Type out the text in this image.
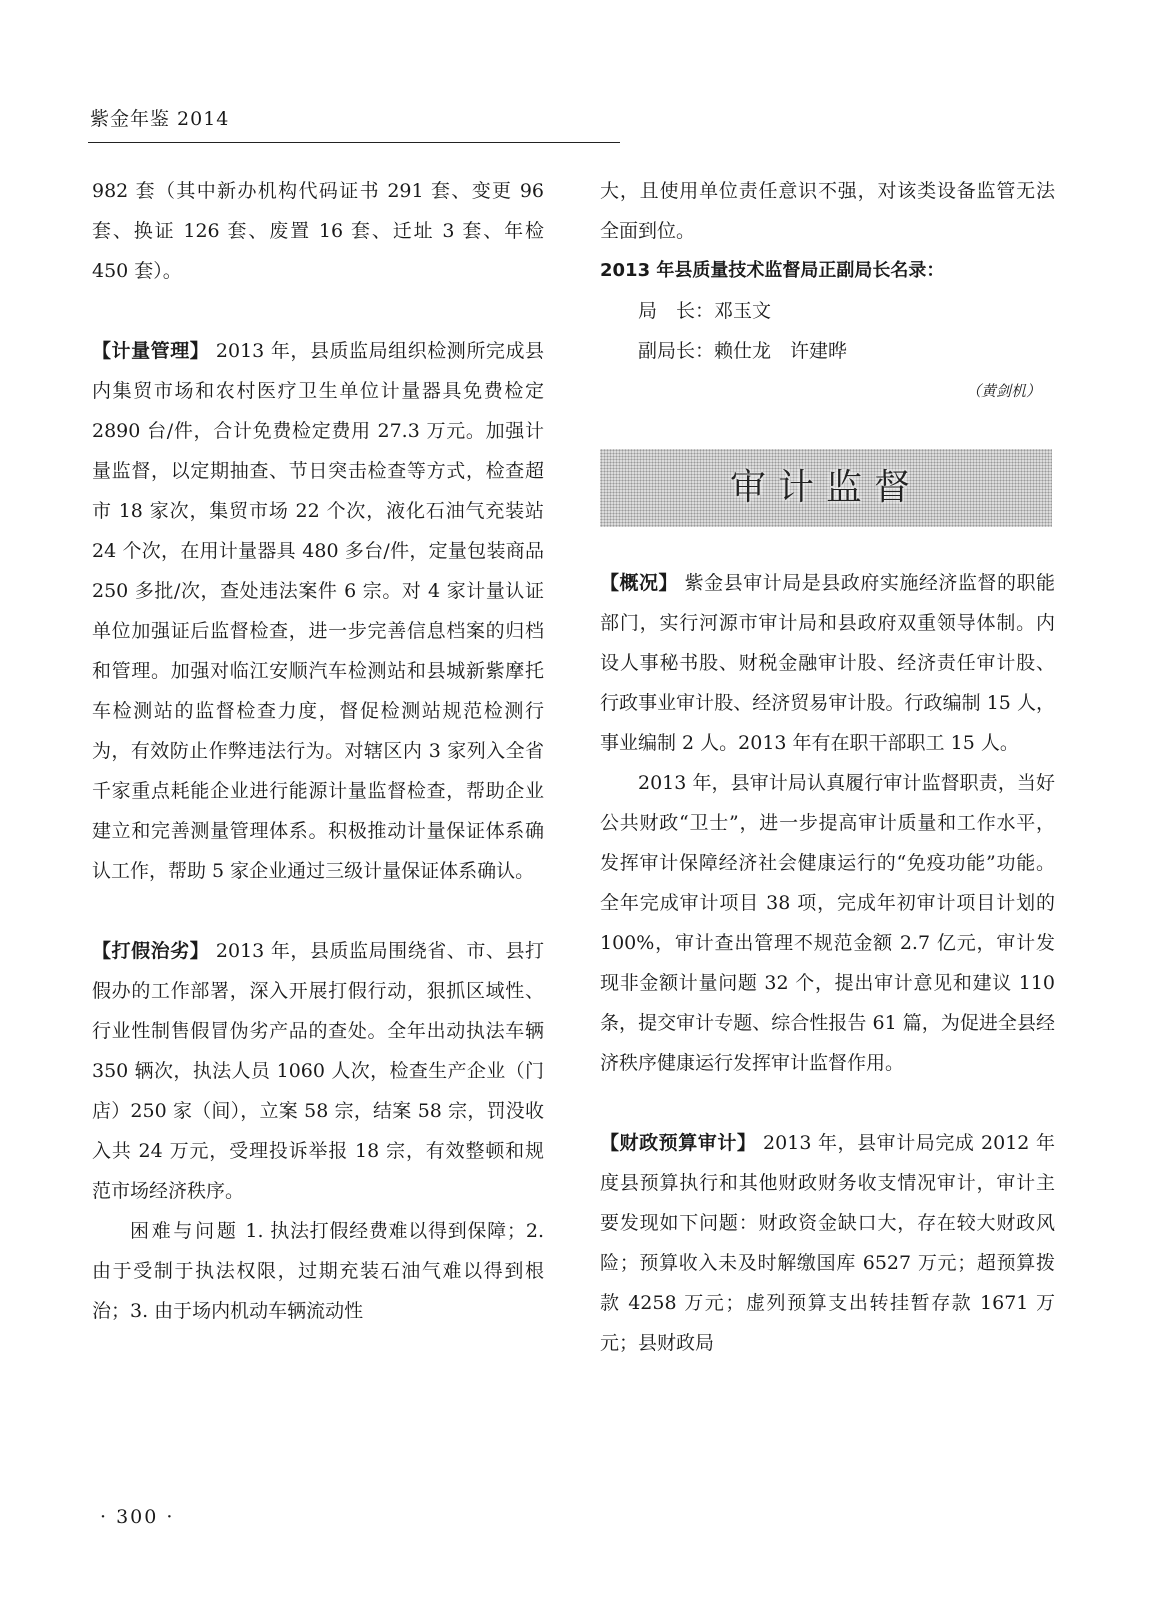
紫金年鉴 2014

982 套（其中新办机构代码证书 291 套、变更 96 套、换证 126 套、废置 16 套、迁址 3 套、年检 450 套）。

【计量管理】 2013 年，县质监局组织检测所完成县内集贸市场和农村医疗卫生单位计量器具免费检定 2890 台/件，合计免费检定费用 27.3 万元。加强计量监督，以定期抽查、节日突击检查等方式，检查超市 18 家次，集贸市场 22 个次，液化石油气充装站 24 个次，在用计量器具 480 多台/件，定量包装商品 250 多批/次，查处违法案件 6 宗。对 4 家计量认证单位加强证后监督检查，进一步完善信息档案的归档和管理。加强对临江安顺汽车检测站和县城新紫摩托车检测站的监督检查力度，督促检测站规范检测行为，有效防止作弊违法行为。对辖区内 3 家列入全省千家重点耗能企业进行能源计量监督检查，帮助企业建立和完善测量管理体系。积极推动计量保证体系确认工作，帮助 5 家企业通过三级计量保证体系确认。

【打假治劣】 2013 年，县质监局围绕省、市、县打假办的工作部署，深入开展打假行动，狠抓区域性、行业性制售假冒伪劣产品的查处。全年出动执法车辆 350 辆次，执法人员 1060 人次，检查生产企业（门店）250 家（间），立案 58 宗，结案 58 宗，罚没收入共 24 万元，受理投诉举报 18 宗，有效整顿和规范市场经济秩序。

困难与问题 1. 执法打假经费难以得到保障；2. 由于受制于执法权限，过期充装石油气难以得到根治；3. 由于场内机动车辆流动性

大，且使用单位责任意识不强，对该类设备监管无法全面到位。

2013 年县质量技术监督局正副局长名录：

局　长：邓玉文

副局长：赖仕龙　许建晔

（黄剑机）

审计监督

【概况】 紫金县审计局是县政府实施经济监督的职能部门，实行河源市审计局和县政府双重领导体制。内设人事秘书股、财税金融审计股、经济责任审计股、行政事业审计股、经济贸易审计股。行政编制 15 人，事业编制 2 人。2013 年有在职干部职工 15 人。

2013 年，县审计局认真履行审计监督职责，当好公共财政“卫士”，进一步提高审计质量和工作水平，发挥审计保障经济社会健康运行的“免疫功能”功能。全年完成审计项目 38 项，完成年初审计项目计划的 100%，审计查出管理不规范金额 2.7 亿元，审计发现非金额计量问题 32 个，提出审计意见和建议 110 条，提交审计专题、综合性报告 61 篇，为促进全县经济秩序健康运行发挥审计监督作用。

【财政预算审计】 2013 年，县审计局完成 2012 年度县预算执行和其他财政财务收支情况审计，审计主要发现如下问题：财政资金缺口大，存在较大财政风险；预算收入未及时解缴国库 6527 万元；超预算拨款 4258 万元；虚列预算支出转挂暂存款 1671 万元；县财政局

· 300 ·
